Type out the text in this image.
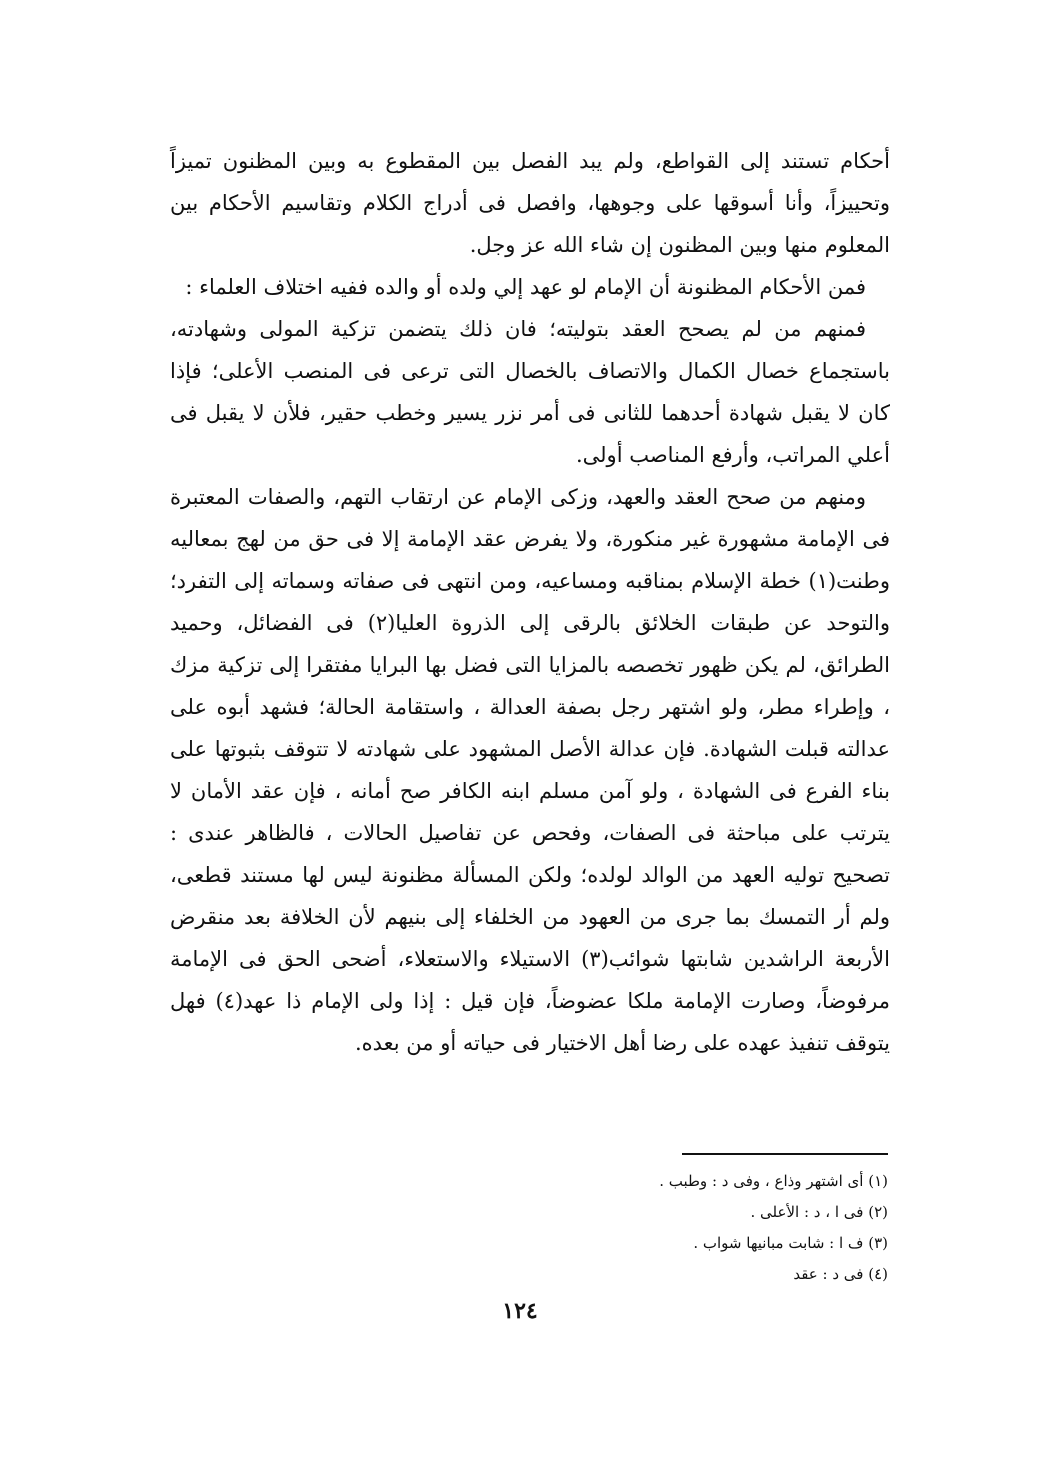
أحكام تستند إلى القواطع، ولم يبد الفصل بين المقطوع به وبين المظنون تميزاً وتحييزاً، وأنا أسوقها على وجوهها، وافصل فى أدراج الكلام وتقاسيم الأحكام بين المعلوم منها وبين المظنون إن شاء الله عز وجل.

فمن الأحكام المظنونة أن الإمام لو عهد إلي ولده أو والده ففيه اختلاف العلماء :

فمنهم من لم يصحح العقد بتوليته؛ فان ذلك يتضمن تزكية المولى وشهادته، باستجماع خصال الكمال والاتصاف بالخصال التى ترعى فى المنصب الأعلى؛ فإذا كان لا يقبل شهادة أحدهما للثانى فى أمر نزر يسير وخطب حقير، فلأن لا يقبل فى أعلي المراتب، وأرفع المناصب أولى.

ومنهم من صحح العقد والعهد، وزكى الإمام عن ارتقاب التهم، والصفات المعتبرة فى الإمامة مشهورة غير منكورة، ولا يفرض عقد الإمامة إلا فى حق من لهج بمعاليه وطنت(١) خطة الإسلام بمناقبه ومساعيه، ومن انتهى فى صفاته وسماته إلى التفرد؛ والتوحد عن طبقات الخلائق بالرقى إلى الذروة العليا(٢) فى الفضائل، وحميد الطرائق، لم يكن ظهور تخصصه بالمزايا التى فضل بها البرايا مفتقرا إلى تزكية مزك ، وإطراء مطر، ولو اشتهر رجل بصفة العدالة ، واستقامة الحالة؛ فشهد أبوه على عدالته قبلت الشهادة. فإن عدالة الأصل المشهود على شهادته لا تتوقف بثبوتها على بناء الفرع فى الشهادة ، ولو آمن مسلم ابنه الكافر صح أمانه ، فإن عقد الأمان لا يترتب على مباحثة فى الصفات، وفحص عن تفاصيل الحالات ، فالظاهر عندى : تصحيح توليه العهد من الوالد لولده؛ ولكن المسألة مظنونة ليس لها مستند قطعى، ولم أر التمسك بما جرى من العهود من الخلفاء إلى بنيهم لأن الخلافة بعد منقرض الأربعة الراشدين شابتها شوائب(٣) الاستيلاء والاستعلاء، أضحى الحق فى الإمامة مرفوضاً، وصارت الإمامة ملكا عضوضاً، فإن قيل : إذا ولى الإمام ذا عهد(٤) فهل يتوقف تنفيذ عهده على رضا أهل الاختيار فى حياته أو من بعده.

(١) أى اشتهر وذاع ، وفى د : وطبب .

(٢) فى ا ، د : الأعلى .

(٣) ف ا : شابت مبانيها شواب .

(٤) فى د : عقد

١٢٤
